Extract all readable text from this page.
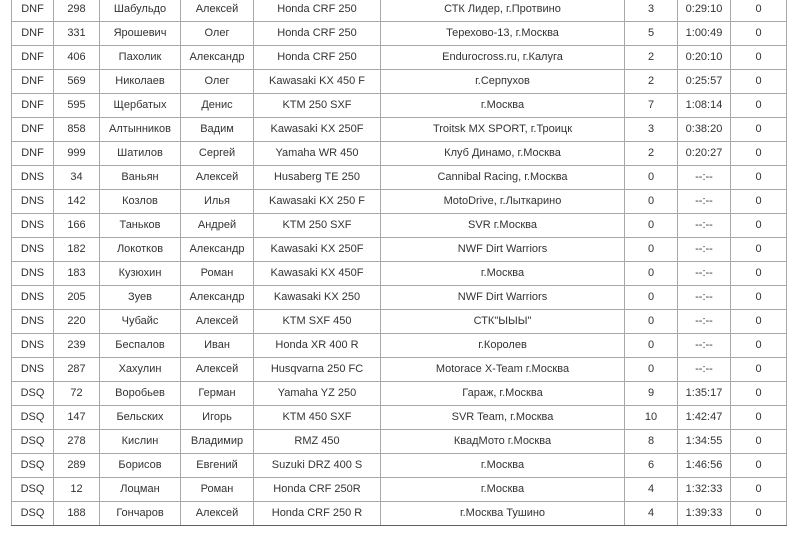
DNF	298	Шабульдо	Алексей	Honda CRF 250	СТК Лидер, г.Протвино	3	0:29:10	0
DNF	331	Ярошевич	Олег	Honda CRF 250	Терехово-13, г.Москва	5	1:00:49	0
DNF	406	Пахолик	Александр	Honda CRF 250	Endurocross.ru, г.Калуга	2	0:20:10	0
DNF	569	Николаев	Олег	Kawasaki KX 450 F	г.Серпухов	2	0:25:57	0
DNF	595	Щербатых	Денис	KTM 250 SXF	г.Москва	7	1:08:14	0
DNF	858	Алтынников	Вадим	Kawasaki KX 250F	Troitsk MX SPORT, г.Троицк	3	0:38:20	0
DNF	999	Шатилов	Сергей	Yamaha WR 450	Клуб Динамо, г.Москва	2	0:20:27	0
DNS	34	Ваньян	Алексей	Husaberg TE 250	Cannibal Racing, г.Москва	0	--:--	0
DNS	142	Козлов	Илья	Kawasaki KX 250 F	MotoDrive, г.Лыткарино	0	--:--	0
DNS	166	Таньков	Андрей	KTM 250 SXF	SVR г.Москва	0	--:--	0
DNS	182	Локотков	Александр	Kawasaki KX 250F	NWF Dirt Warriors	0	--:--	0
DNS	183	Кузюхин	Роман	Kawasaki KX 450F	г.Москва	0	--:--	0
DNS	205	Зуев	Александр	Kawasaki KX 250	NWF Dirt Warriors	0	--:--	0
DNS	220	Чубайс	Алексей	KTM SXF 450	СТК"ЫЫЫ"	0	--:--	0
DNS	239	Беспалов	Иван	Honda XR 400 R	г.Королев	0	--:--	0
DNS	287	Хахулин	Алексей	Husqvarna 250 FC	Motorace X-Team г.Москва	0	--:--	0
DSQ	72	Воробьев	Герман	Yamaha YZ 250	Гараж, г.Москва	9	1:35:17	0
DSQ	147	Бельских	Игорь	KTM 450 SXF	SVR Team, г.Москва	10	1:42:47	0
DSQ	278	Кислин	Владимир	RMZ 450	КвадМото г.Москва	8	1:34:55	0
DSQ	289	Борисов	Евгений	Suzuki DRZ 400 S	г.Москва	6	1:46:56	0
DSQ	12	Лоцман	Роман	Honda CRF 250R	г.Москва	4	1:32:33	0
DSQ	188	Гончаров	Алексей	Honda CRF 250 R	г.Москва Тушино	4	1:39:33	0
